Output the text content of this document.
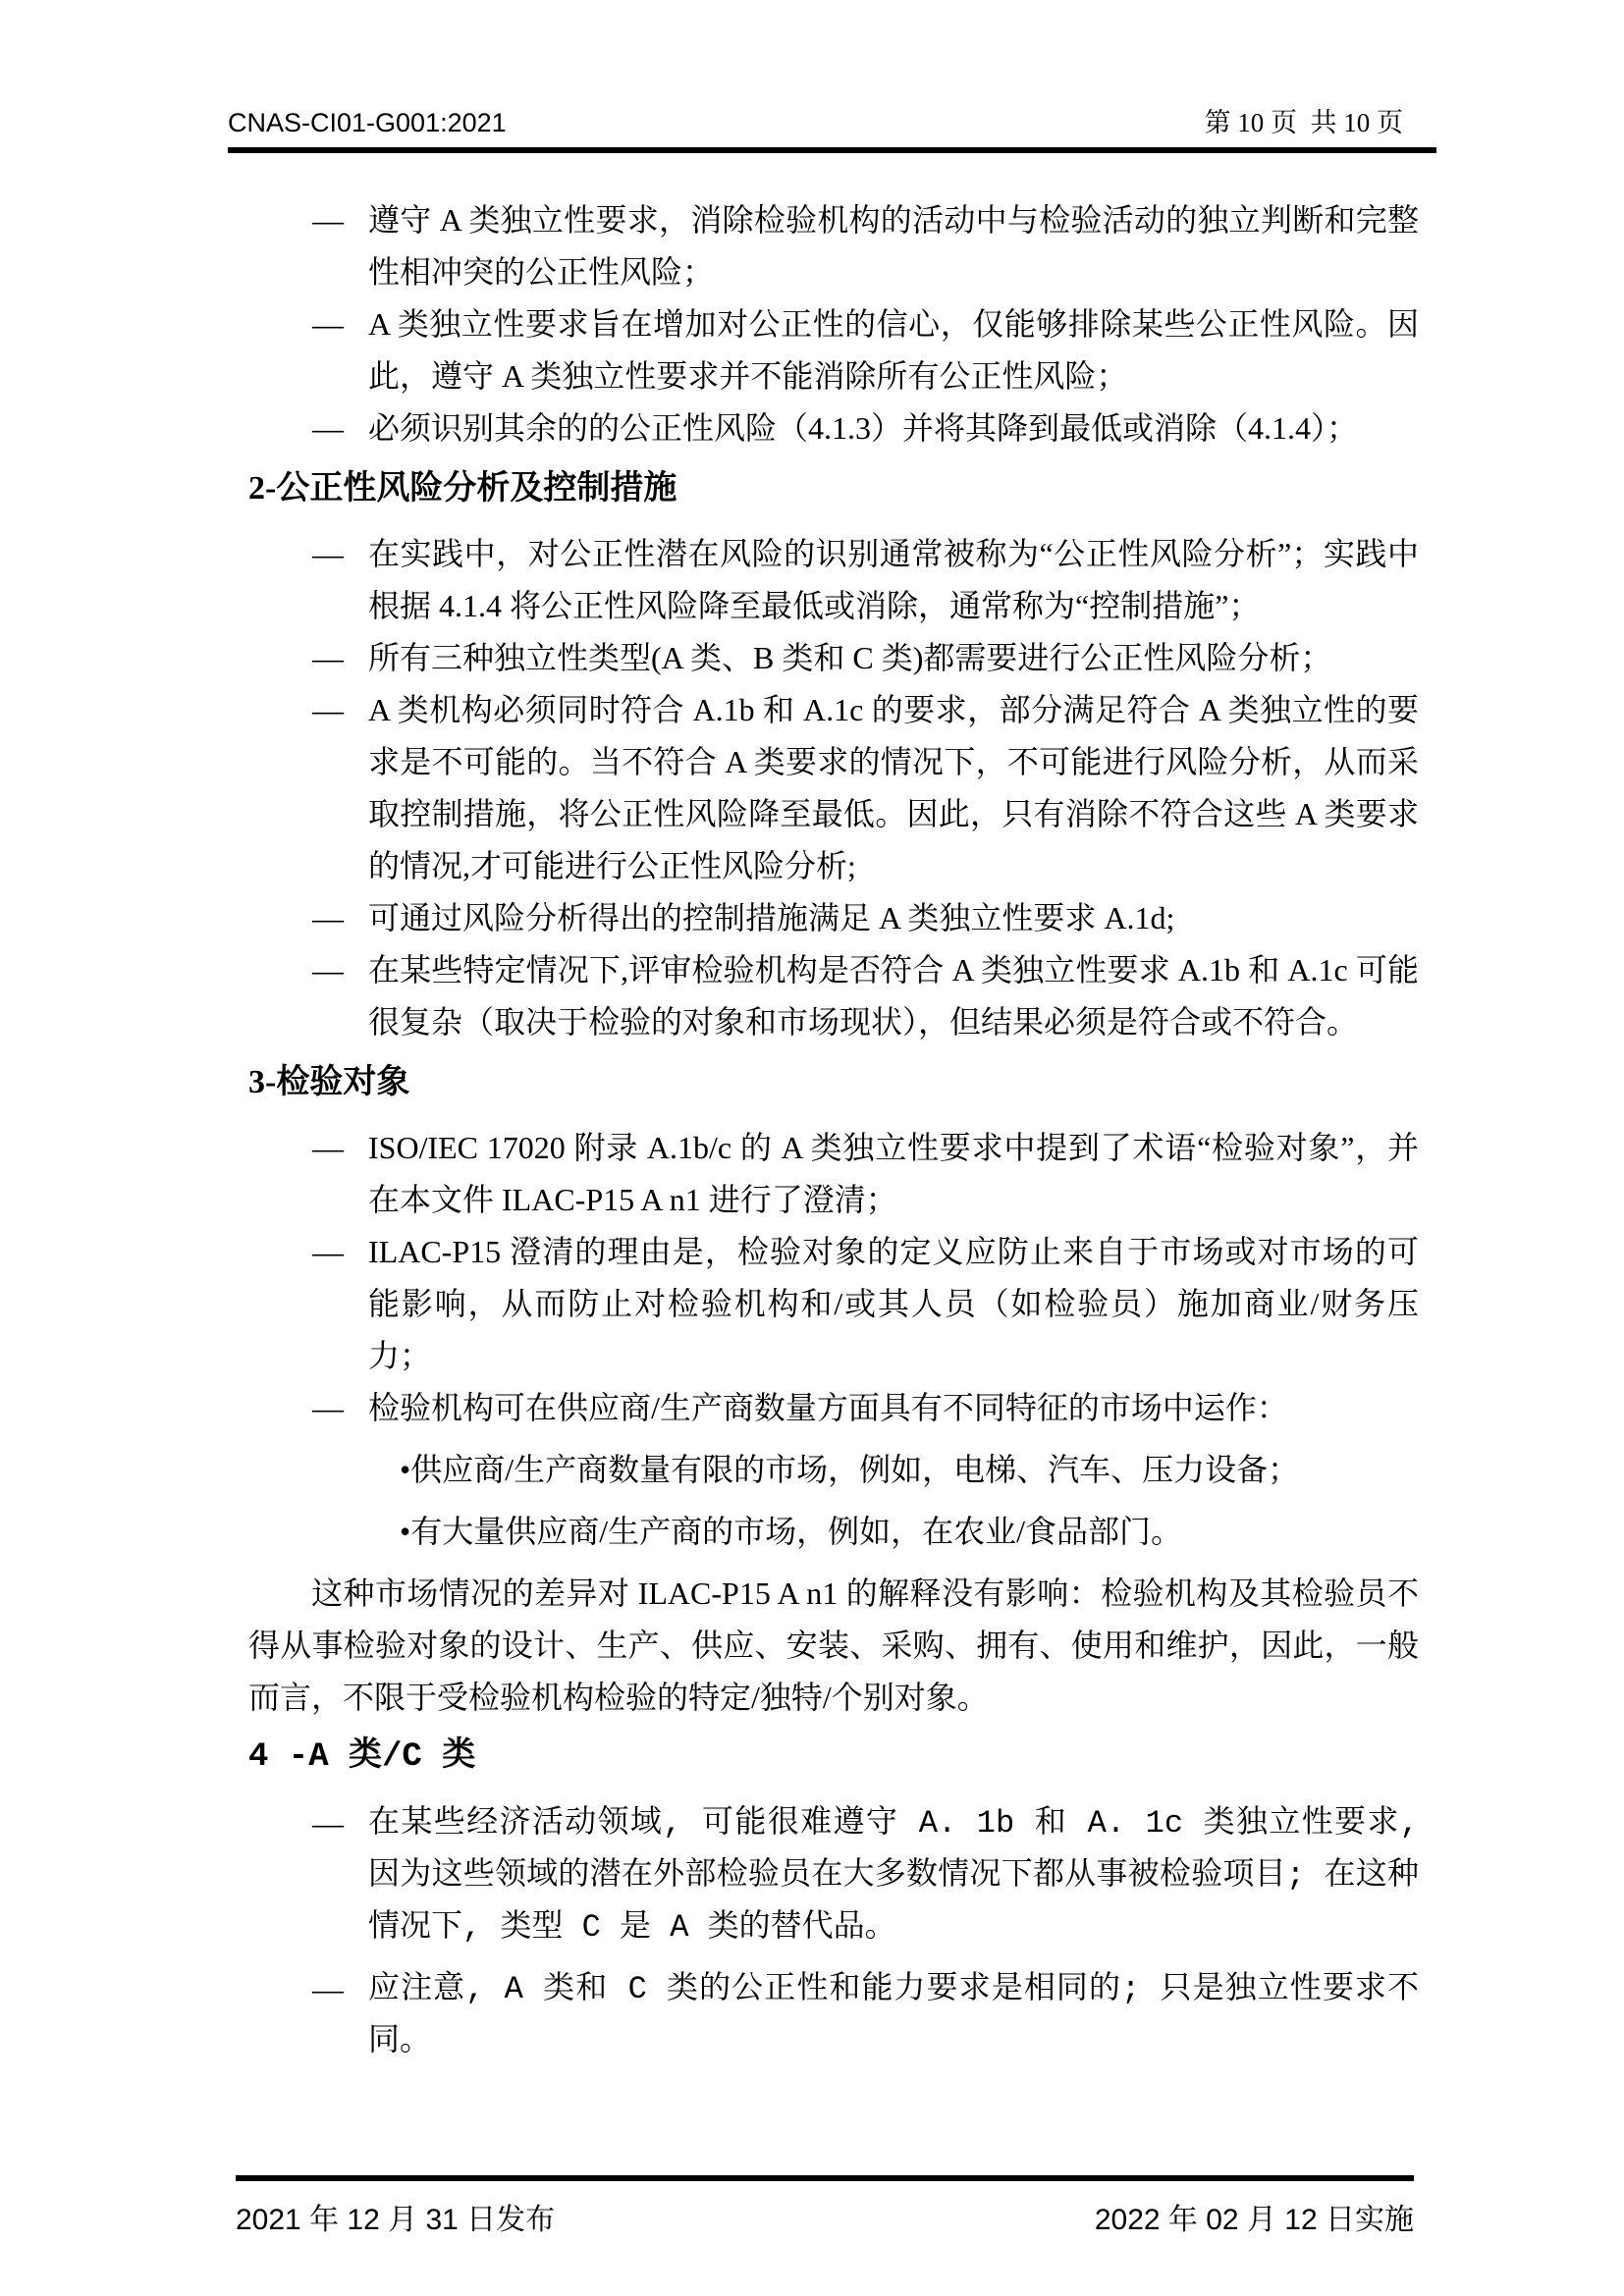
CNAS-CI01-G001:2021	第 10 页  共 10 页
— 遵守 A 类独立性要求，消除检验机构的活动中与检验活动的独立判断和完整性相冲突的公正性风险；
— A 类独立性要求旨在增加对公正性的信心，仅能够排除某些公正性风险。因此，遵守 A 类独立性要求并不能消除所有公正性风险；
— 必须识别其余的的公正性风险（4.1.3）并将其降到最低或消除（4.1.4）；
2-公正性风险分析及控制措施
— 在实践中，对公正性潜在风险的识别通常被称为“公正性风险分析”；实践中根据 4.1.4 将公正性风险降至最低或消除，通常称为“控制措施”；
— 所有三种独立性类型(A 类、B 类和 C 类)都需要进行公正性风险分析；
— A 类机构必须同时符合 A.1b 和 A.1c 的要求，部分满足符合 A 类独立性的要求是不可能的。当不符合 A 类要求的情况下，不可能进行风险分析，从而采取控制措施，将公正性风险降至最低。因此，只有消除不符合这些 A 类要求的情况,才可能进行公正性风险分析;
— 可通过风险分析得出的控制措施满足 A 类独立性要求 A.1d;
— 在某些特定情况下,评审检验机构是否符合 A 类独立性要求 A.1b 和 A.1c 可能很复杂（取决于检验的对象和市场现状），但结果必须是符合或不符合。
3-检验对象
— ISO/IEC 17020 附录 A.1b/c 的 A 类独立性要求中提到了术语“检验对象”，并在本文件 ILAC-P15 A n1 进行了澄清；
— ILAC-P15 澄清的理由是，检验对象的定义应防止来自于市场或对市场的可能影响，从而防止对检验机构和/或其人员（如检验员）施加商业/财务压力；
— 检验机构可在供应商/生产商数量方面具有不同特征的市场中运作：
•供应商/生产商数量有限的市场，例如，电梯、汽车、压力设备；
•有大量供应商/生产商的市场，例如，在农业/食品部门。

这种市场情况的差异对 ILAC-P15 A n1 的解释没有影响：检验机构及其检验员不得从事检验对象的设计、生产、供应、安装、采购、拥有、使用和维护，因此，一般而言，不限于受检验机构检验的特定/独特/个别对象。

4 -A 类/C 类
— 在某些经济活动领域, 可能很难遵守 A. 1b 和 A. 1c 类独立性要求, 因为这些领域的潜在外部检验员在大多数情况下都从事被检验项目; 在这种情况下, 类型 C 是 A 类的替代品。
— 应注意, A 类和 C 类的公正性和能力要求是相同的; 只是独立性要求不同。
2021 年 12 月 31 日发布	2022 年 02 月 12 日实施
